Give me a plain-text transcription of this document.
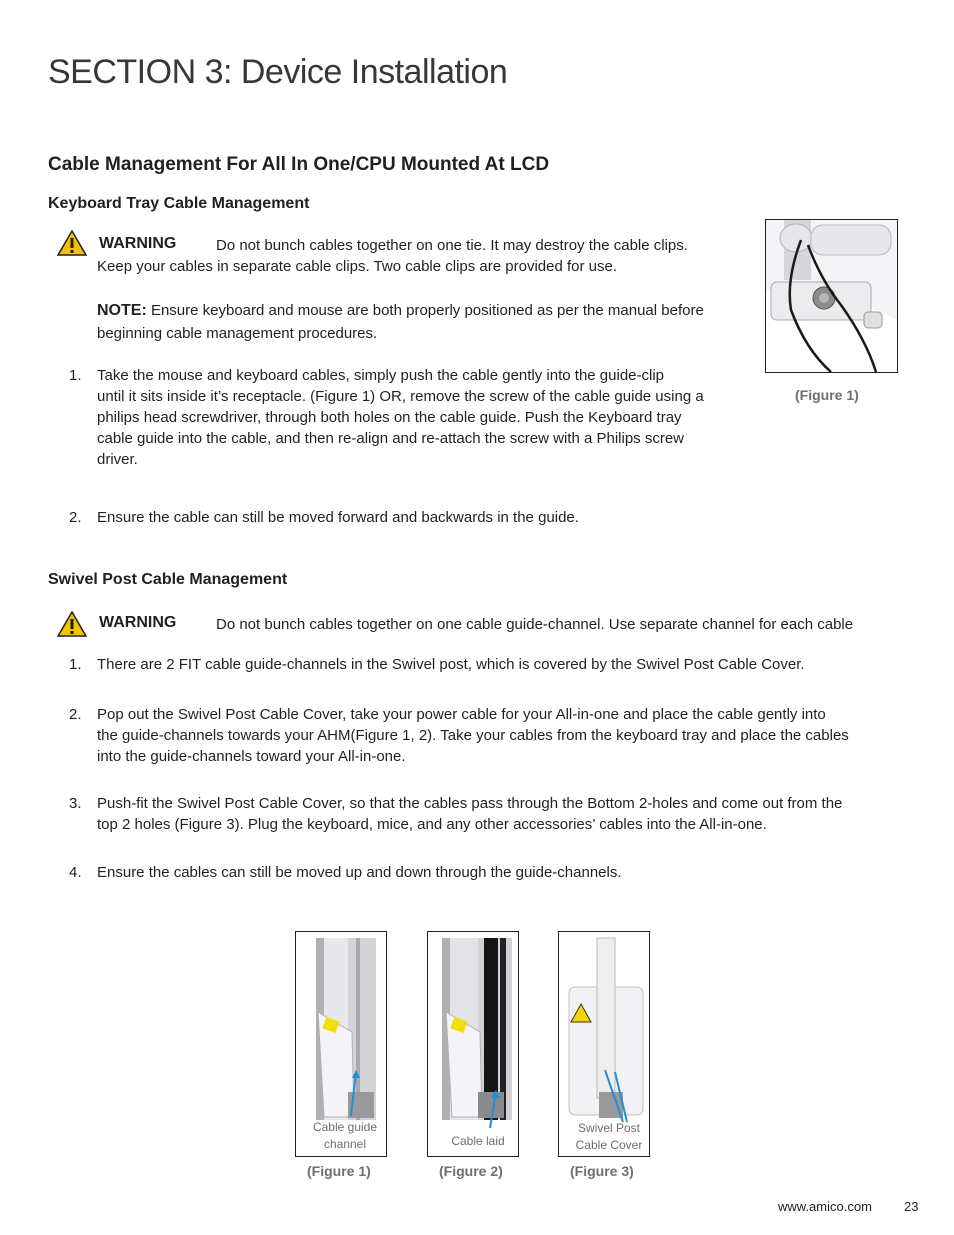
SECTION 3: Device Installation
Cable Management For All In One/CPU Mounted At LCD
Keyboard Tray Cable Management
WARNING	Do not bunch cables together on one tie. It may destroy the cable clips.
Keep your cables in separate cable clips. Two cable clips are provided for use.
NOTE: Ensure keyboard and mouse are both properly positioned as per the manual before
beginning cable management procedures.
1. Take the mouse and keyboard cables, simply push the cable gently into the guide-clip
until it sits inside it’s receptacle. (Figure 1) OR, remove the screw of the cable guide using a
philips head screwdriver, through both holes on the cable guide. Push the Keyboard tray
cable guide into the cable, and then re-align and re-attach the screw with a Philips screw
driver.
2. Ensure the cable can still be moved forward and backwards in the guide.
(Figure 1)
Swivel Post Cable Management
WARNING	Do not bunch cables together on one cable guide-channel. Use separate channel for each cable
1. There are 2 FIT cable guide-channels in the Swivel post, which is covered by the Swivel Post Cable Cover.
2. Pop out the Swivel Post Cable Cover, take your power cable for your All-in-one and place the cable gently into
the guide-channels towards your AHM(Figure 1, 2). Take your cables from the keyboard tray and place the cables
into the guide-channels toward your All-in-one.
3. Push-fit the Swivel Post Cable Cover, so that the cables pass through the Bottom 2-holes and come out from the
top 2 holes (Figure 3). Plug the keyboard, mice, and any other accessories’ cables into the All-in-one.
4. Ensure the cables can still be moved up and down through the guide-channels.
Cable guide
channel
(Figure 1)
Cable laid
(Figure 2)
Swivel Post
Cable Cover
(Figure 3)
www.amico.com 23
